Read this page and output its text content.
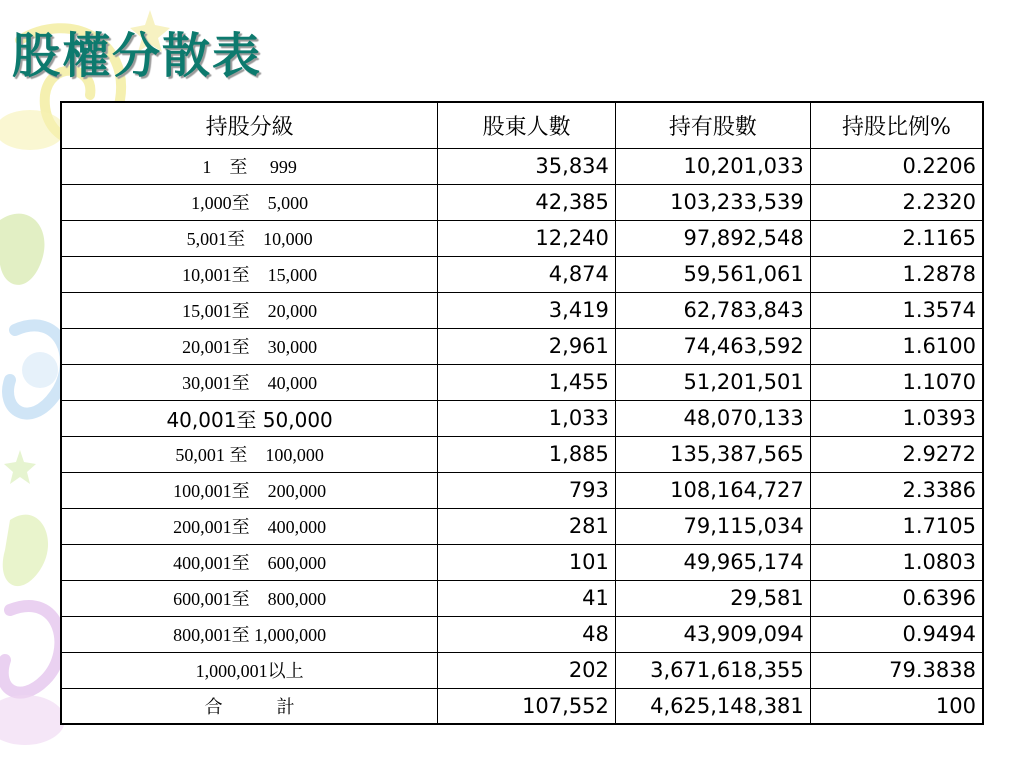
股權分散表
持股分級	股東人數	持有股數	持股比例%
1　至　 999	35,834	10,201,033	0.2206
1,000至　5,000	42,385	103,233,539	2.2320
5,001至　10,000	12,240	97,892,548	2.1165
10,001至　15,000	4,874	59,561,061	1.2878
15,001至　20,000	3,419	62,783,843	1.3574
20,001至　30,000	2,961	74,463,592	1.6100
30,001至　40,000	1,455	51,201,501	1.1070
40,001至 50,000	1,033	48,070,133	1.0393
50,001 至　100,000	1,885	135,387,565	2.9272
100,001至　200,000	793	108,164,727	2.3386
200,001至　400,000	281	79,115,034	1.7105
400,001至　600,000	101	49,965,174	1.0803
600,001至　800,000	41	29,581	0.6396
800,001至 1,000,000	48	43,909,094	0.9494
1,000,001以上	202	3,671,618,355	79.3838
合　　　計	107,552	4,625,148,381	100
